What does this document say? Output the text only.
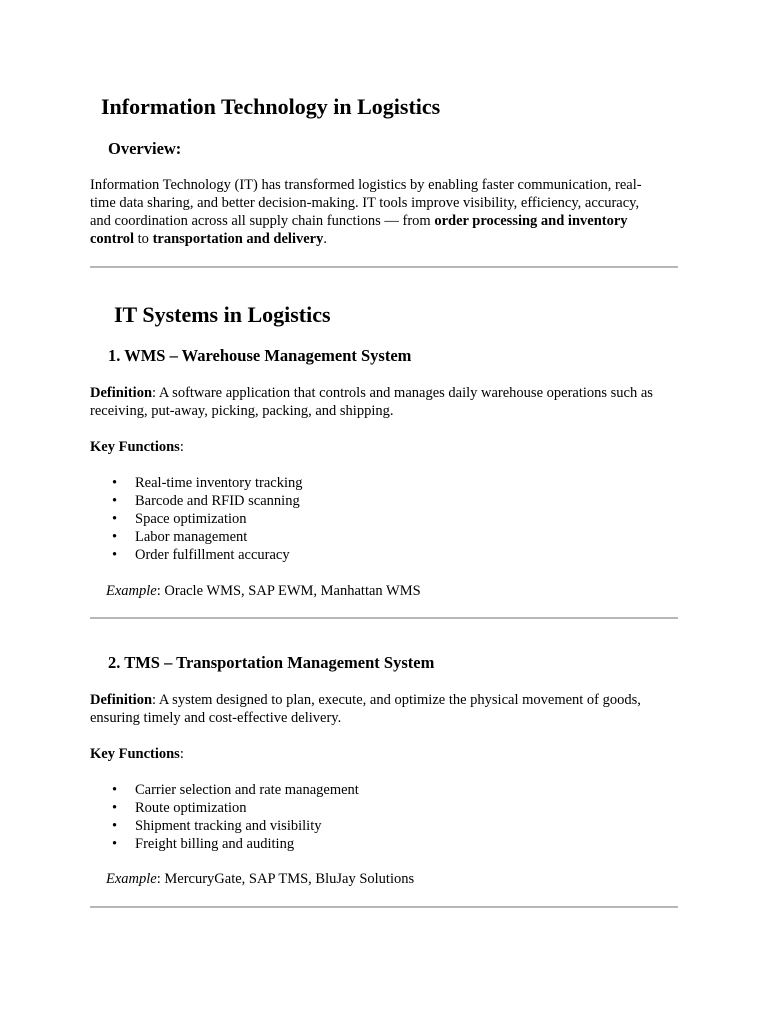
Information Technology in Logistics
Overview:
Information Technology (IT) has transformed logistics by enabling faster communication, real-
time data sharing, and better decision-making. IT tools improve visibility, efficiency, accuracy,
and coordination across all supply chain functions — from order processing and inventory
control to transportation and delivery.
IT Systems in Logistics
1. WMS – Warehouse Management System
Definition: A software application that controls and manages daily warehouse operations such as
receiving, put-away, picking, packing, and shipping.
Key Functions:
• Real-time inventory tracking
• Barcode and RFID scanning
• Space optimization
• Labor management
• Order fulfillment accuracy
Example: Oracle WMS, SAP EWM, Manhattan WMS
2. TMS – Transportation Management System
Definition: A system designed to plan, execute, and optimize the physical movement of goods,
ensuring timely and cost-effective delivery.
Key Functions:
• Carrier selection and rate management
• Route optimization
• Shipment tracking and visibility
• Freight billing and auditing
Example: MercuryGate, SAP TMS, BluJay Solutions
